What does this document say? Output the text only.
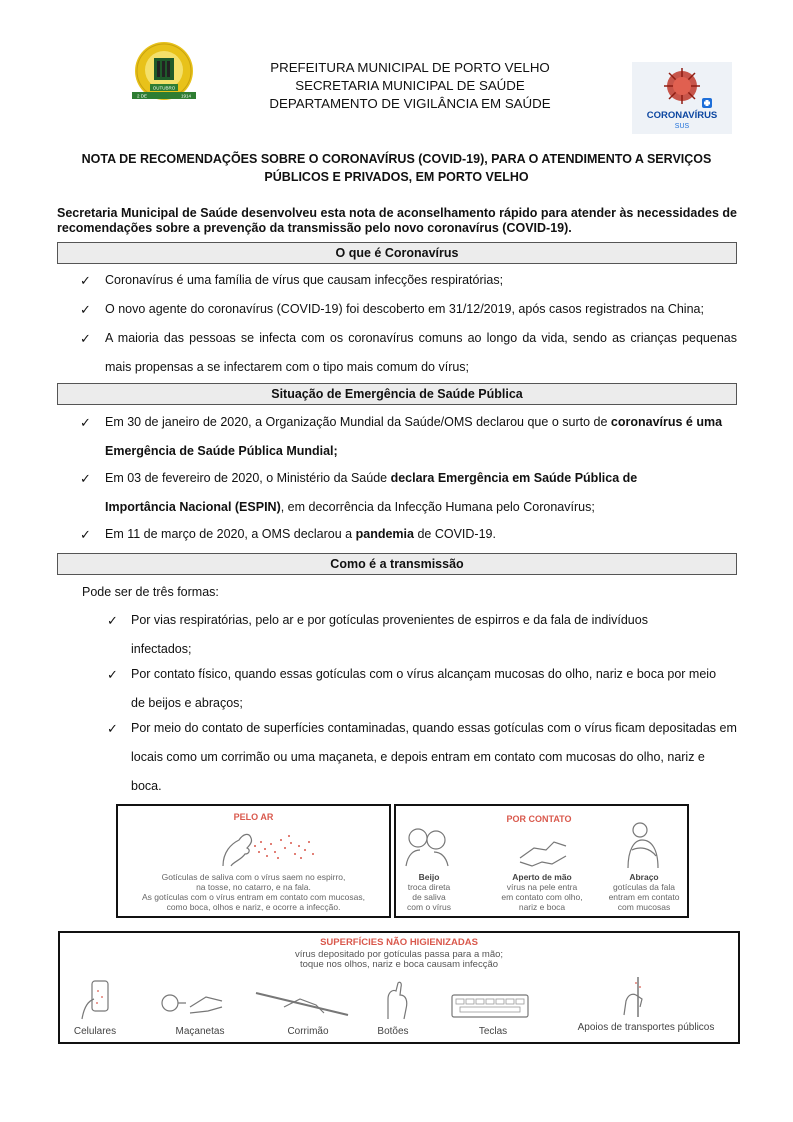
OUTUBRO
2 DE	1914
PREFEITURA MUNICIPAL DE PORTO VELHO
SECRETARIA MUNICIPAL DE SAÚDE
DEPARTAMENTO DE VIGILÂNCIA EM SAÚDE
CORONAVÍRUS
SUS
NOTA DE RECOMENDAÇÕES SOBRE O CORONAVÍRUS (COVID-19), PARA O ATENDIMENTO A SERVIÇOS
PÚBLICOS E PRIVADOS, EM PORTO VELHO
Secretaria Municipal de Saúde desenvolveu esta nota de aconselhamento rápido para atender às necessidades de recomendações sobre a prevenção da transmissão pelo novo coronavírus (COVID-19).
O que é Coronavírus
✓ Coronavírus é uma família de vírus que causam infecções respiratórias;
✓ O novo agente do coronavírus (COVID-19) foi descoberto em 31/12/2019, após casos registrados na China;
✓ A maioria das pessoas se infecta com os coronavírus comuns ao longo da vida, sendo as crianças pequenas mais propensas a se infectarem com o tipo mais comum do vírus;
Situação de Emergência de Saúde Pública
✓ Em 30 de janeiro de 2020, a Organização Mundial da Saúde/OMS declarou que o surto de coronavírus é uma Emergência de Saúde Pública Mundial;
✓ Em 03 de fevereiro de 2020, o Ministério da Saúde declara Emergência em Saúde Pública de Importância Nacional (ESPIN), em decorrência da Infecção Humana pelo Coronavírus;
✓ Em 11 de março de 2020, a OMS declarou a pandemia de COVID-19.
Como é a transmissão
Pode ser de três formas:
✓ Por vias respiratórias, pelo ar e por gotículas provenientes de espirros e da fala de indivíduos infectados;
✓ Por contato físico, quando essas gotículas com o vírus alcançam mucosas do olho, nariz e boca por meio de beijos e abraços;
✓ Por meio do contato de superfícies contaminadas, quando essas gotículas com o vírus ficam depositadas em locais como um corrimão ou uma maçaneta, e depois entram em contato com mucosas do olho, nariz e boca.
PELO AR
Gotículas de saliva com o vírus saem no espirro,
na tosse, no catarro, e na fala.
As gotículas com o vírus entram em contato com mucosas,
como boca, olhos e nariz, e ocorre a infecção.
POR CONTATO
Beijo
troca direta
de saliva
com o vírus
Aperto de mão
vírus na pele entra
em contato com olho,
nariz e boca
Abraço
gotículas da fala
entram em contato
com mucosas
SUPERFÍCIES NÃO HIGIENIZADAS
vírus depositado por gotículas passa para a mão;
toque nos olhos, nariz e boca causam infecção
Celulares	Maçanetas	Corrimão	Botões	Teclas	Apoios de transportes públicos
